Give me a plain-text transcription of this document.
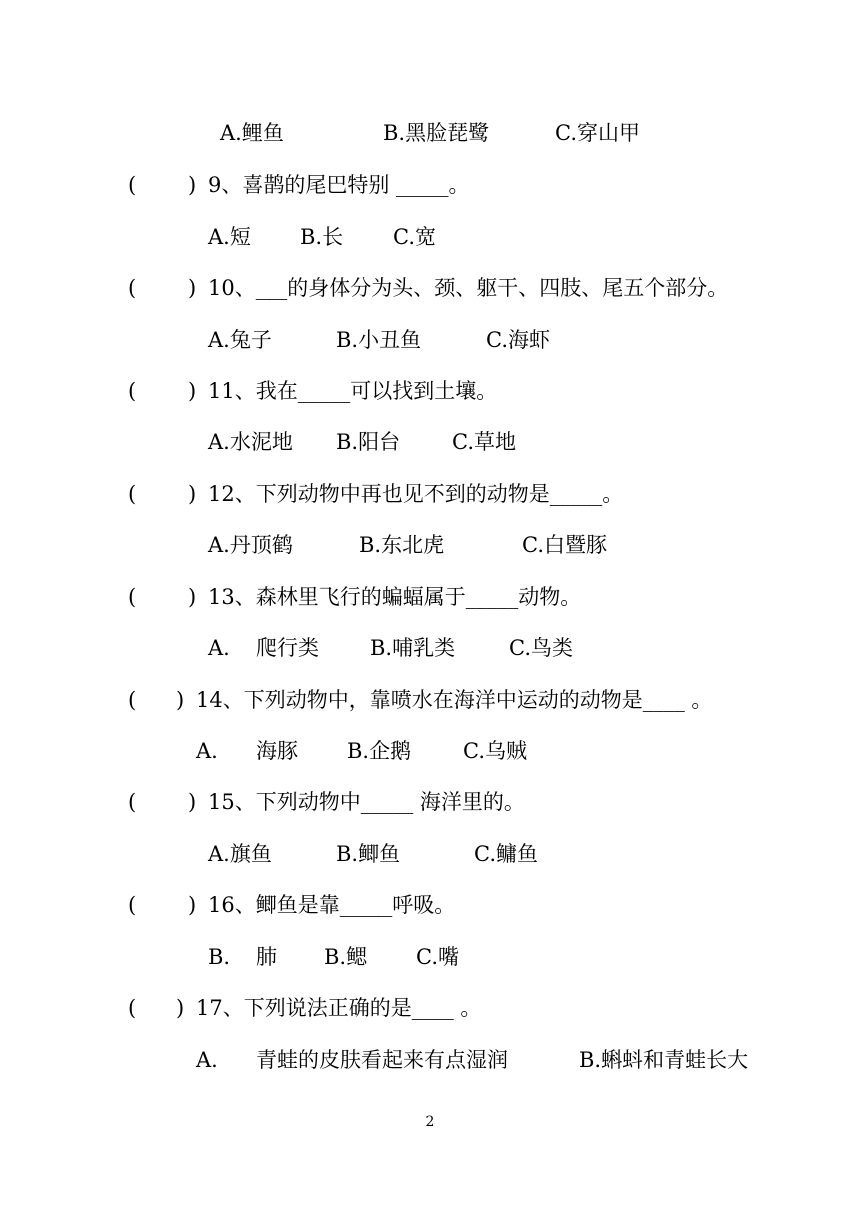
A.鲤鱼

	B.黑脸琵鹭

	C.穿山甲

(

)

9、喜鹊的尾巴特别 _____。

A.短

B.长

C.宽

(

)

10、___的身体分为头、颈、躯干、四肢、尾五个部分。

A.兔子

	B.小丑鱼

	C.海虾

(

)

11、我在_____可以找到土壤。

A.水泥地

B.阳台

C.草地

(

)

12、下列动物中再也见不到的动物是_____。

A.丹顶鹤

	B.东北虎

	C.白暨豚

(

)

13、森林里飞行的蝙蝠属于_____动物。

A.

爬行类

B.哺乳类

	C.鸟类

(

)

14、下列动物中，靠喷水在海洋中运动的动物是____ 。

A.

海豚

B.企鹅

C.乌贼

(

)

15、下列动物中_____ 海洋里的。

A.旗鱼

	B.鲫鱼

	C.鳙鱼

(

)

16、鲫鱼是靠_____呼吸。

B.

肺

B.鳃

C.嘴

(

)

17、下列说法正确的是____ 。

A.

青蛙的皮肤看起来有点湿润

	B.蝌蚪和青蛙长大

2
